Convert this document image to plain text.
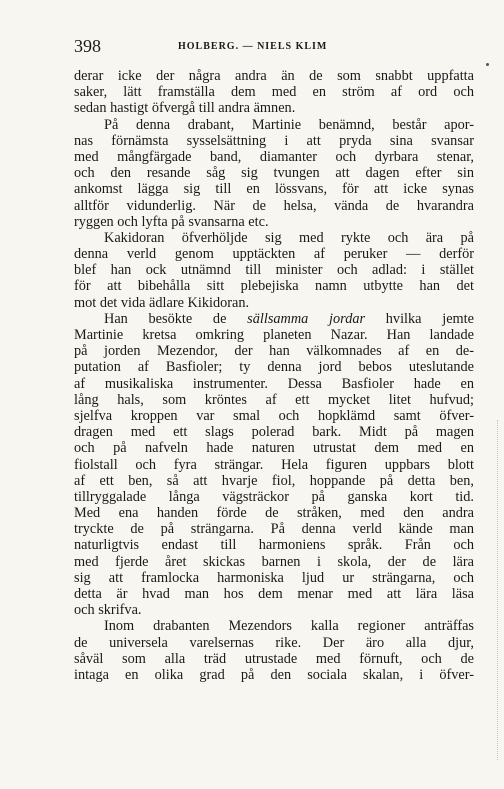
398	HOLBERG. — NIELS KLIM
derar icke der några andra än de som snabbt uppfatta
saker, lätt framställa dem med en ström af ord och
sedan hastigt öfvergå till andra ämnen.
På denna drabant, Martinie benämnd, består apor-
nas förnämsta sysselsättning i att pryda sina svansar
med mångfärgade band, diamanter och dyrbara stenar,
och den resande såg sig tvungen att dagen efter sin
ankomst lägga sig till en lössvans, för att icke synas
alltför vidunderlig. När de helsa, vända de hvarandra
ryggen och lyfta på svansarna etc.
Kakidoran öfverhöljde sig med rykte och ära på
denna verld genom upptäckten af peruker — derför
blef han ock utnämnd till minister och adlad: i stället
för att bibehålla sitt plebejiska namn utbytte han det
mot det vida ädlare Kikidoran.
Han besökte de sällsamma jordar hvilka jemte
Martinie kretsa omkring planeten Nazar. Han landade
på jorden Mezendor, der han välkomnades af en de-
putation af Basfioler; ty denna jord bebos uteslutande
af musikaliska instrumenter. Dessa Basfioler hade en
lång hals, som kröntes af ett mycket litet hufvud;
sjelfva kroppen var smal och hopklämd samt öfver-
dragen med ett slags polerad bark. Midt på magen
och på nafveln hade naturen utrustat dem med en
fiolstall och fyra strängar. Hela figuren uppbars blott
af ett ben, så att hvarje fiol, hoppande på detta ben,
tillryggalade långa vägsträckor på ganska kort tid.
Med ena handen förde de stråken, med den andra
tryckte de på strängarna. På denna verld kände man
naturligtvis endast till harmoniens språk. Från och
med fjerde året skickas barnen i skola, der de lära
sig att framlocka harmoniska ljud ur strängarna, och
detta är hvad man hos dem menar med att lära läsa
och skrifva.
Inom drabanten Mezendors kalla regioner anträffas
de universela varelsernas rike. Der äro alla djur,
såväl som alla träd utrustade med förnuft, och de
intaga en olika grad på den sociala skalan, i öfver-
